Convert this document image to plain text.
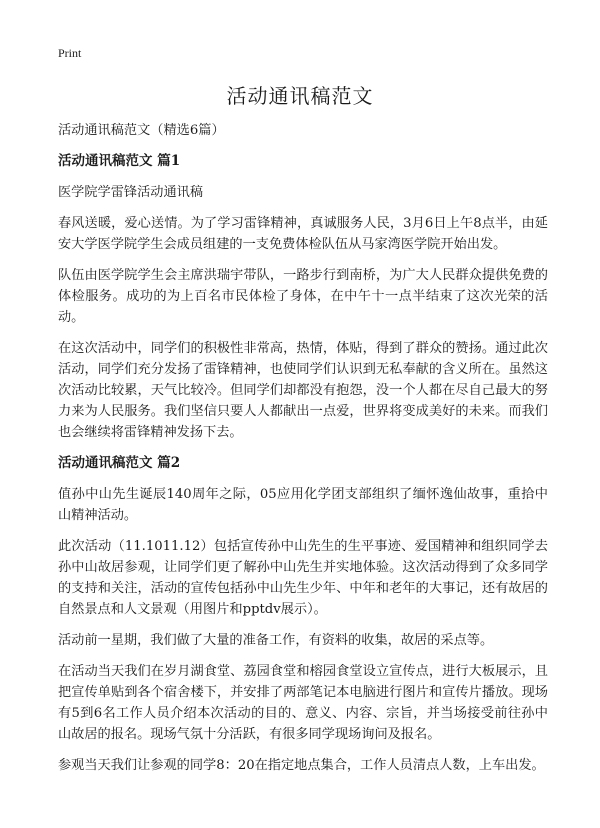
Print
活动通讯稿范文

活动通讯稿范文（精选6篇）

活动通讯稿范文 篇1

医学院学雷锋活动通讯稿

春风送暖，爱心送情。为了学习雷锋精神，真诚服务人民，3月6日上午8点半，由延安大学医学院学生会成员组建的一支免费体检队伍从马家湾医学院开始出发。

队伍由医学院学生会主席洪瑞宇带队，一路步行到南桥，为广大人民群众提供免费的体检服务。成功的为上百名市民体检了身体，在中午十一点半结束了这次光荣的活动。

在这次活动中，同学们的积极性非常高，热情，体贴，得到了群众的赞扬。通过此次活动，同学们充分发扬了雷锋精神，也使同学们认识到无私奉献的含义所在。虽然这次活动比较累，天气比较冷。但同学们却都没有抱怨，没一个人都在尽自己最大的努力来为人民服务。我们坚信只要人人都献出一点爱，世界将变成美好的未来。而我们也会继续将雷锋精神发扬下去。

活动通讯稿范文 篇2

值孙中山先生诞辰140周年之际，05应用化学团支部组织了缅怀逸仙故事，重拾中山精神活动。

此次活动（11.1011.12）包括宣传孙中山先生的生平事迹、爱国精神和组织同学去孙中山故居参观，让同学们更了解孙中山先生并实地体验。这次活动得到了众多同学的支持和关注，活动的宣传包括孙中山先生少年、中年和老年的大事记，还有故居的自然景点和人文景观（用图片和pptdv展示）。

活动前一星期，我们做了大量的准备工作，有资料的收集，故居的采点等。

在活动当天我们在岁月湖食堂、荔园食堂和榕园食堂设立宣传点，进行大板展示，且把宣传单贴到各个宿舍楼下，并安排了两部笔记本电脑进行图片和宣传片播放。现场有5到6名工作人员介绍本次活动的目的、意义、内容、宗旨，并当场接受前往孙中山故居的报名。现场气氛十分活跃，有很多同学现场询问及报名。

参观当天我们让参观的同学8：20在指定地点集合，工作人员清点人数，上车出发。
